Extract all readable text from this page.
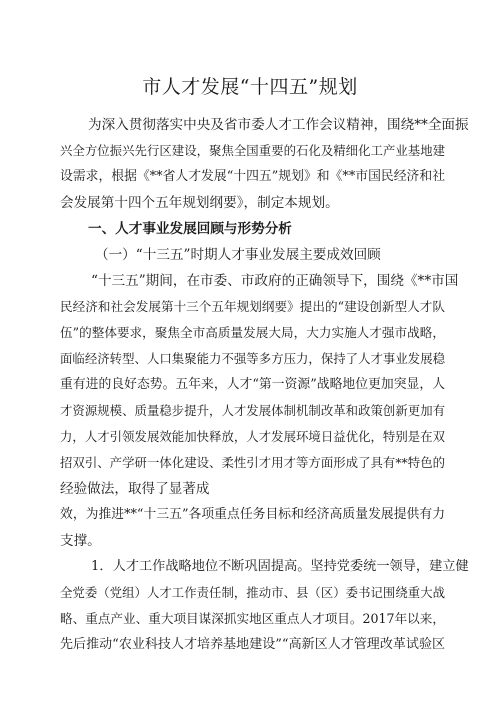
市人才发展“十四五”规划
为深入贯彻落实中央及省市委人才工作会议精神，围绕**全面振
兴全方位振兴先行区建设，聚焦全国重要的石化及精细化工产业基地建
设需求，根据《**省人才发展“十四五”规划》和《**市国民经济和社
会发展第十四个五年规划纲要》，制定本规划。
一、人才事业发展回顾与形势分析
（一）“十三五”时期人才事业发展主要成效回顾
“十三五”期间，在市委、市政府的正确领导下，围绕《**市国
民经济和社会发展第十三个五年规划纲要》提出的“建设创新型人才队
伍”的整体要求，聚焦全市高质量发展大局，大力实施人才强市战略，
面临经济转型、人口集聚能力不强等多方压力，保持了人才事业发展稳
重有进的良好态势。五年来，人才“第一资源”战略地位更加突显，人
才资源规模、质量稳步提升，人才发展体制机制改革和政策创新更加有
力，人才引领发展效能加快释放，人才发展环境日益优化，特别是在双
招双引、产学研一体化建设、柔性引才用才等方面形成了具有**特色的
经验做法，取得了显著成
效，为推进**“十三五”各项重点任务目标和经济高质量发展提供有力
支撑。
1．人才工作战略地位不断巩固提高。坚持党委统一领导，建立健
全党委（党组）人才工作责任制，推动市、县（区）委书记围绕重大战
略、重点产业、重大项目谋深抓实地区重点人才项目。2017年以来，
先后推动“农业科技人才培养基地建设”“高新区人才管理改革试验区
